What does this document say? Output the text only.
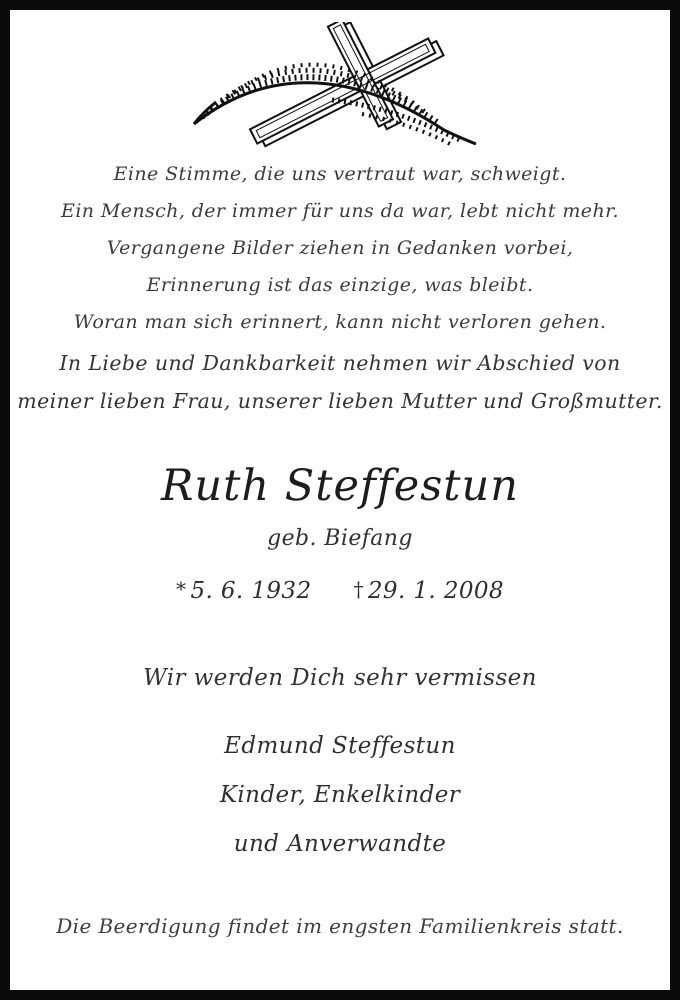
Eine Stimme, die uns vertraut war, schweigt.

Ein Mensch, der immer für uns da war, lebt nicht mehr.

Vergangene Bilder ziehen in Gedanken vorbei,

Erinnerung ist das einzige, was bleibt.

Woran man sich erinnert, kann nicht verloren gehen.

In Liebe und Dankbarkeit nehmen wir Abschied von

meiner lieben Frau, unserer lieben Mutter und Großmutter.

Ruth Steffestun

geb. Biefang

* 5. 6. 1932 † 29. 1. 2008

Wir werden Dich sehr vermissen

Edmund Steffestun

Kinder, Enkelkinder

und Anverwandte

Die Beerdigung findet im engsten Familienkreis statt.
